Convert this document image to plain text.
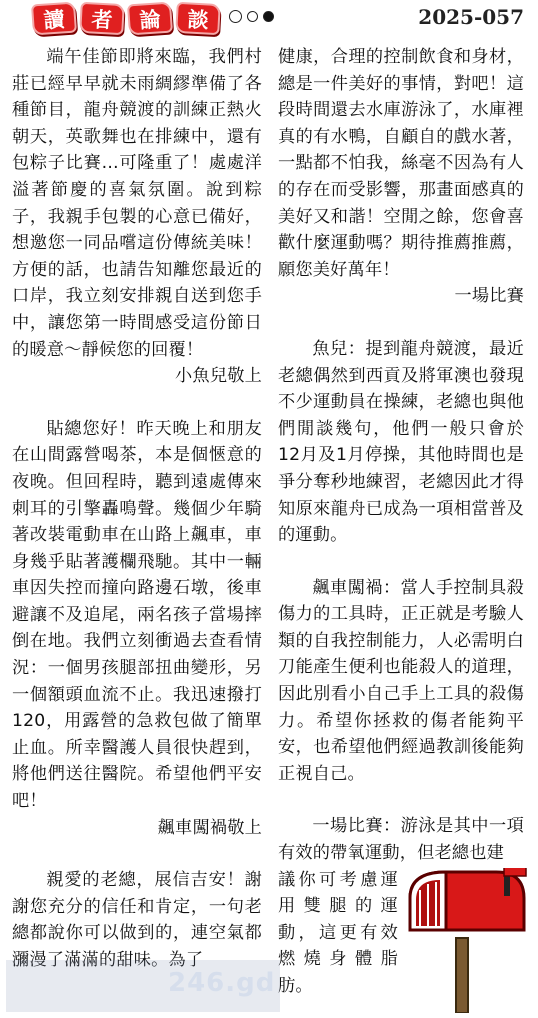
讀	者	論	談	2025-057

端午佳節即將來臨，我們村莊已經早早就未雨綢繆準備了各種節目，龍舟競渡的訓練正熱火朝天，英歌舞也在排練中，還有包粽子比賽…可隆重了！處處洋溢著節慶的喜氣氛圍。說到粽子，我親手包製的心意已備好，想邀您一同品嚐這份傳統美味！方便的話，也請告知離您最近的口岸，我立刻安排親自送到您手中，讓您第一時間感受這份節日的暖意～靜候您的回覆！

小魚兒敬上

貼總您好！昨天晚上和朋友在山間露營喝茶，本是個愜意的夜晚。但回程時，聽到遠處傳來刺耳的引擎轟鳴聲。幾個少年騎著改裝電動車在山路上飆車，車身幾乎貼著護欄飛馳。其中一輛車因失控而撞向路邊石墩，後車避讓不及追尾，兩名孩子當場摔倒在地。我們立刻衝過去查看情況：一個男孩腿部扭曲變形，另一個額頭血流不止。我迅速撥打120，用露營的急救包做了簡單止血。所幸醫護人員很快趕到，將他們送往醫院。希望他們平安吧！

飆車闖禍敬上

親愛的老總，展信吉安！謝謝您充分的信任和肯定，一句老總都說你可以做到的，連空氣都瀰漫了滿滿的甜味。為了

健康，合理的控制飲食和身材，總是一件美好的事情，對吧！這段時間還去水庫游泳了，水庫裡真的有水鴨，自顧自的戲水著，一點都不怕我，絲毫不因為有人的存在而受影響，那畫面感真的美好又和諧！空閒之餘，您會喜歡什麼運動嗎？期待推薦推薦，願您美好萬年！

一場比賽

魚兒：提到龍舟競渡，最近老總偶然到西貢及將軍澳也發現不少運動員在操練，老總也與他們閒談幾句，他們一般只會於12月及1月停操，其他時間也是爭分奪秒地練習，老總因此才得知原來龍舟已成為一項相當普及的運動。

飆車闖禍：當人手控制具殺傷力的工具時，正正就是考驗人類的自我控制能力，人必需明白刀能產生便利也能殺人的道理，因此別看小自己手上工具的殺傷力。希望你拯救的傷者能夠平安，也希望他們經過教訓後能夠正視自己。

一場比賽：游泳是其中一項有效的帶氧運動，但老總也建

議你可考慮運用雙腿的運動，這更有效燃燒身體脂肪。

246.gd
